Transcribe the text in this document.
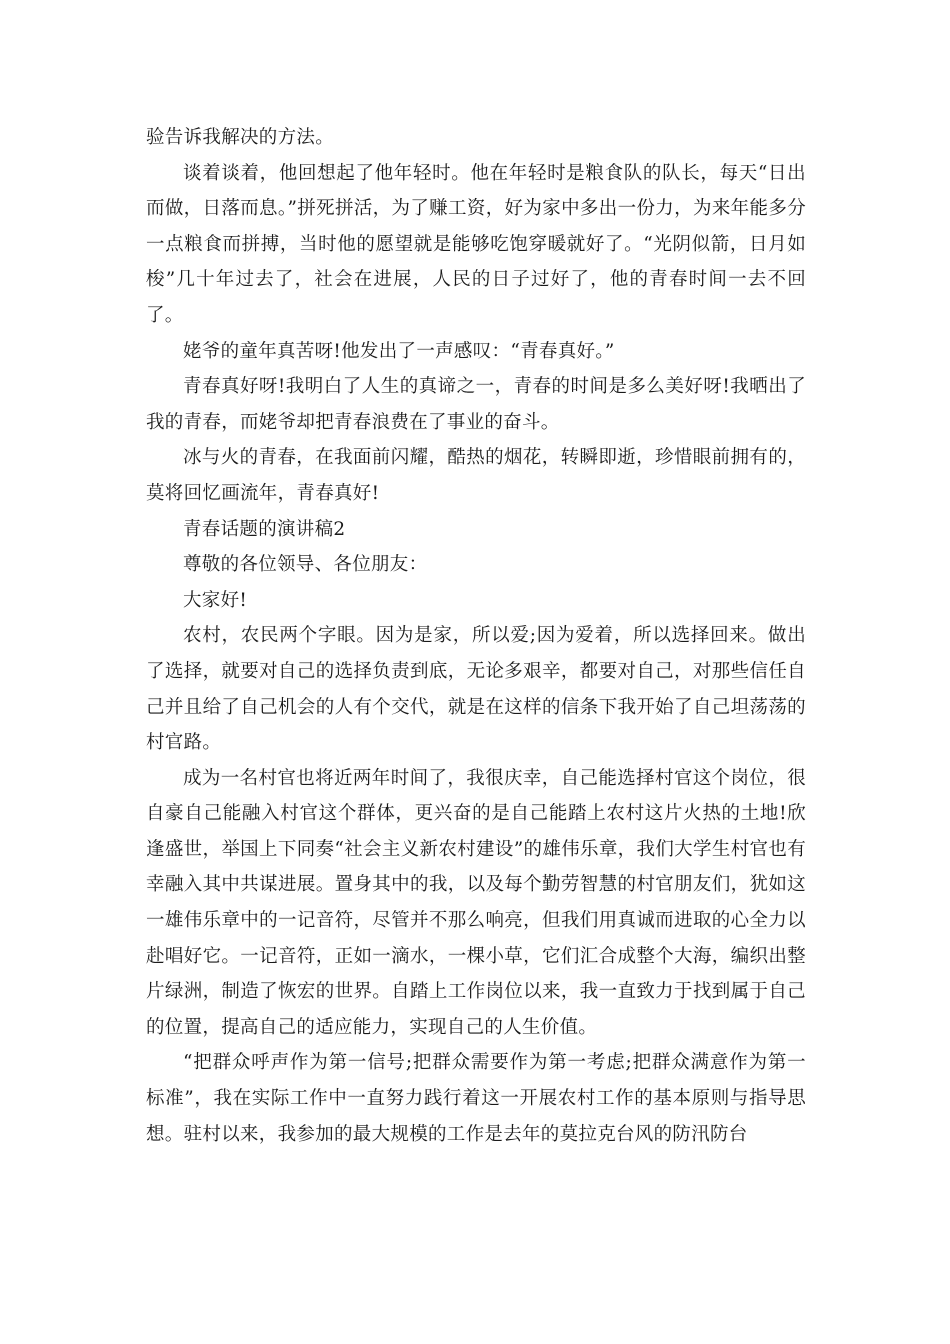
验告诉我解决的方法。

谈着谈着，他回想起了他年轻时。他在年轻时是粮食队的队长，每天“日出而做，日落而息。”拼死拼活，为了赚工资，好为家中多出一份力，为来年能多分一点粮食而拼搏，当时他的愿望就是能够吃饱穿暖就好了。“光阴似箭，日月如梭”几十年过去了，社会在进展，人民的日子过好了，他的青春时间一去不回了。

姥爷的童年真苦呀!他发出了一声感叹：“青春真好。”

青春真好呀!我明白了人生的真谛之一，青春的时间是多么美好呀!我晒出了我的青春，而姥爷却把青春浪费在了事业的奋斗。

冰与火的青春，在我面前闪耀，酷热的烟花，转瞬即逝，珍惜眼前拥有的，莫将回忆画流年，青春真好!

青春话题的演讲稿2

尊敬的各位领导、各位朋友：

大家好!

农村，农民两个字眼。因为是家，所以爱;因为爱着，所以选择回来。做出了选择，就要对自己的选择负责到底，无论多艰辛，都要对自己，对那些信任自己并且给了自己机会的人有个交代，就是在这样的信条下我开始了自己坦荡荡的村官路。

成为一名村官也将近两年时间了，我很庆幸，自己能选择村官这个岗位，很自豪自己能融入村官这个群体，更兴奋的是自己能踏上农村这片火热的土地!欣逢盛世，举国上下同奏“社会主义新农村建设”的雄伟乐章，我们大学生村官也有幸融入其中共谋进展。置身其中的我，以及每个勤劳智慧的村官朋友们，犹如这一雄伟乐章中的一记音符，尽管并不那么响亮，但我们用真诚而进取的心全力以赴唱好它。一记音符，正如一滴水，一棵小草，它们汇合成整个大海，编织出整片绿洲，制造了恢宏的世界。自踏上工作岗位以来，我一直致力于找到属于自己的位置，提高自己的适应能力，实现自己的人生价值。

“把群众呼声作为第一信号;把群众需要作为第一考虑;把群众满意作为第一标准”，我在实际工作中一直努力践行着这一开展农村工作的基本原则与指导思想。驻村以来，我参加的最大规模的工作是去年的莫拉克台风的防汛防台
